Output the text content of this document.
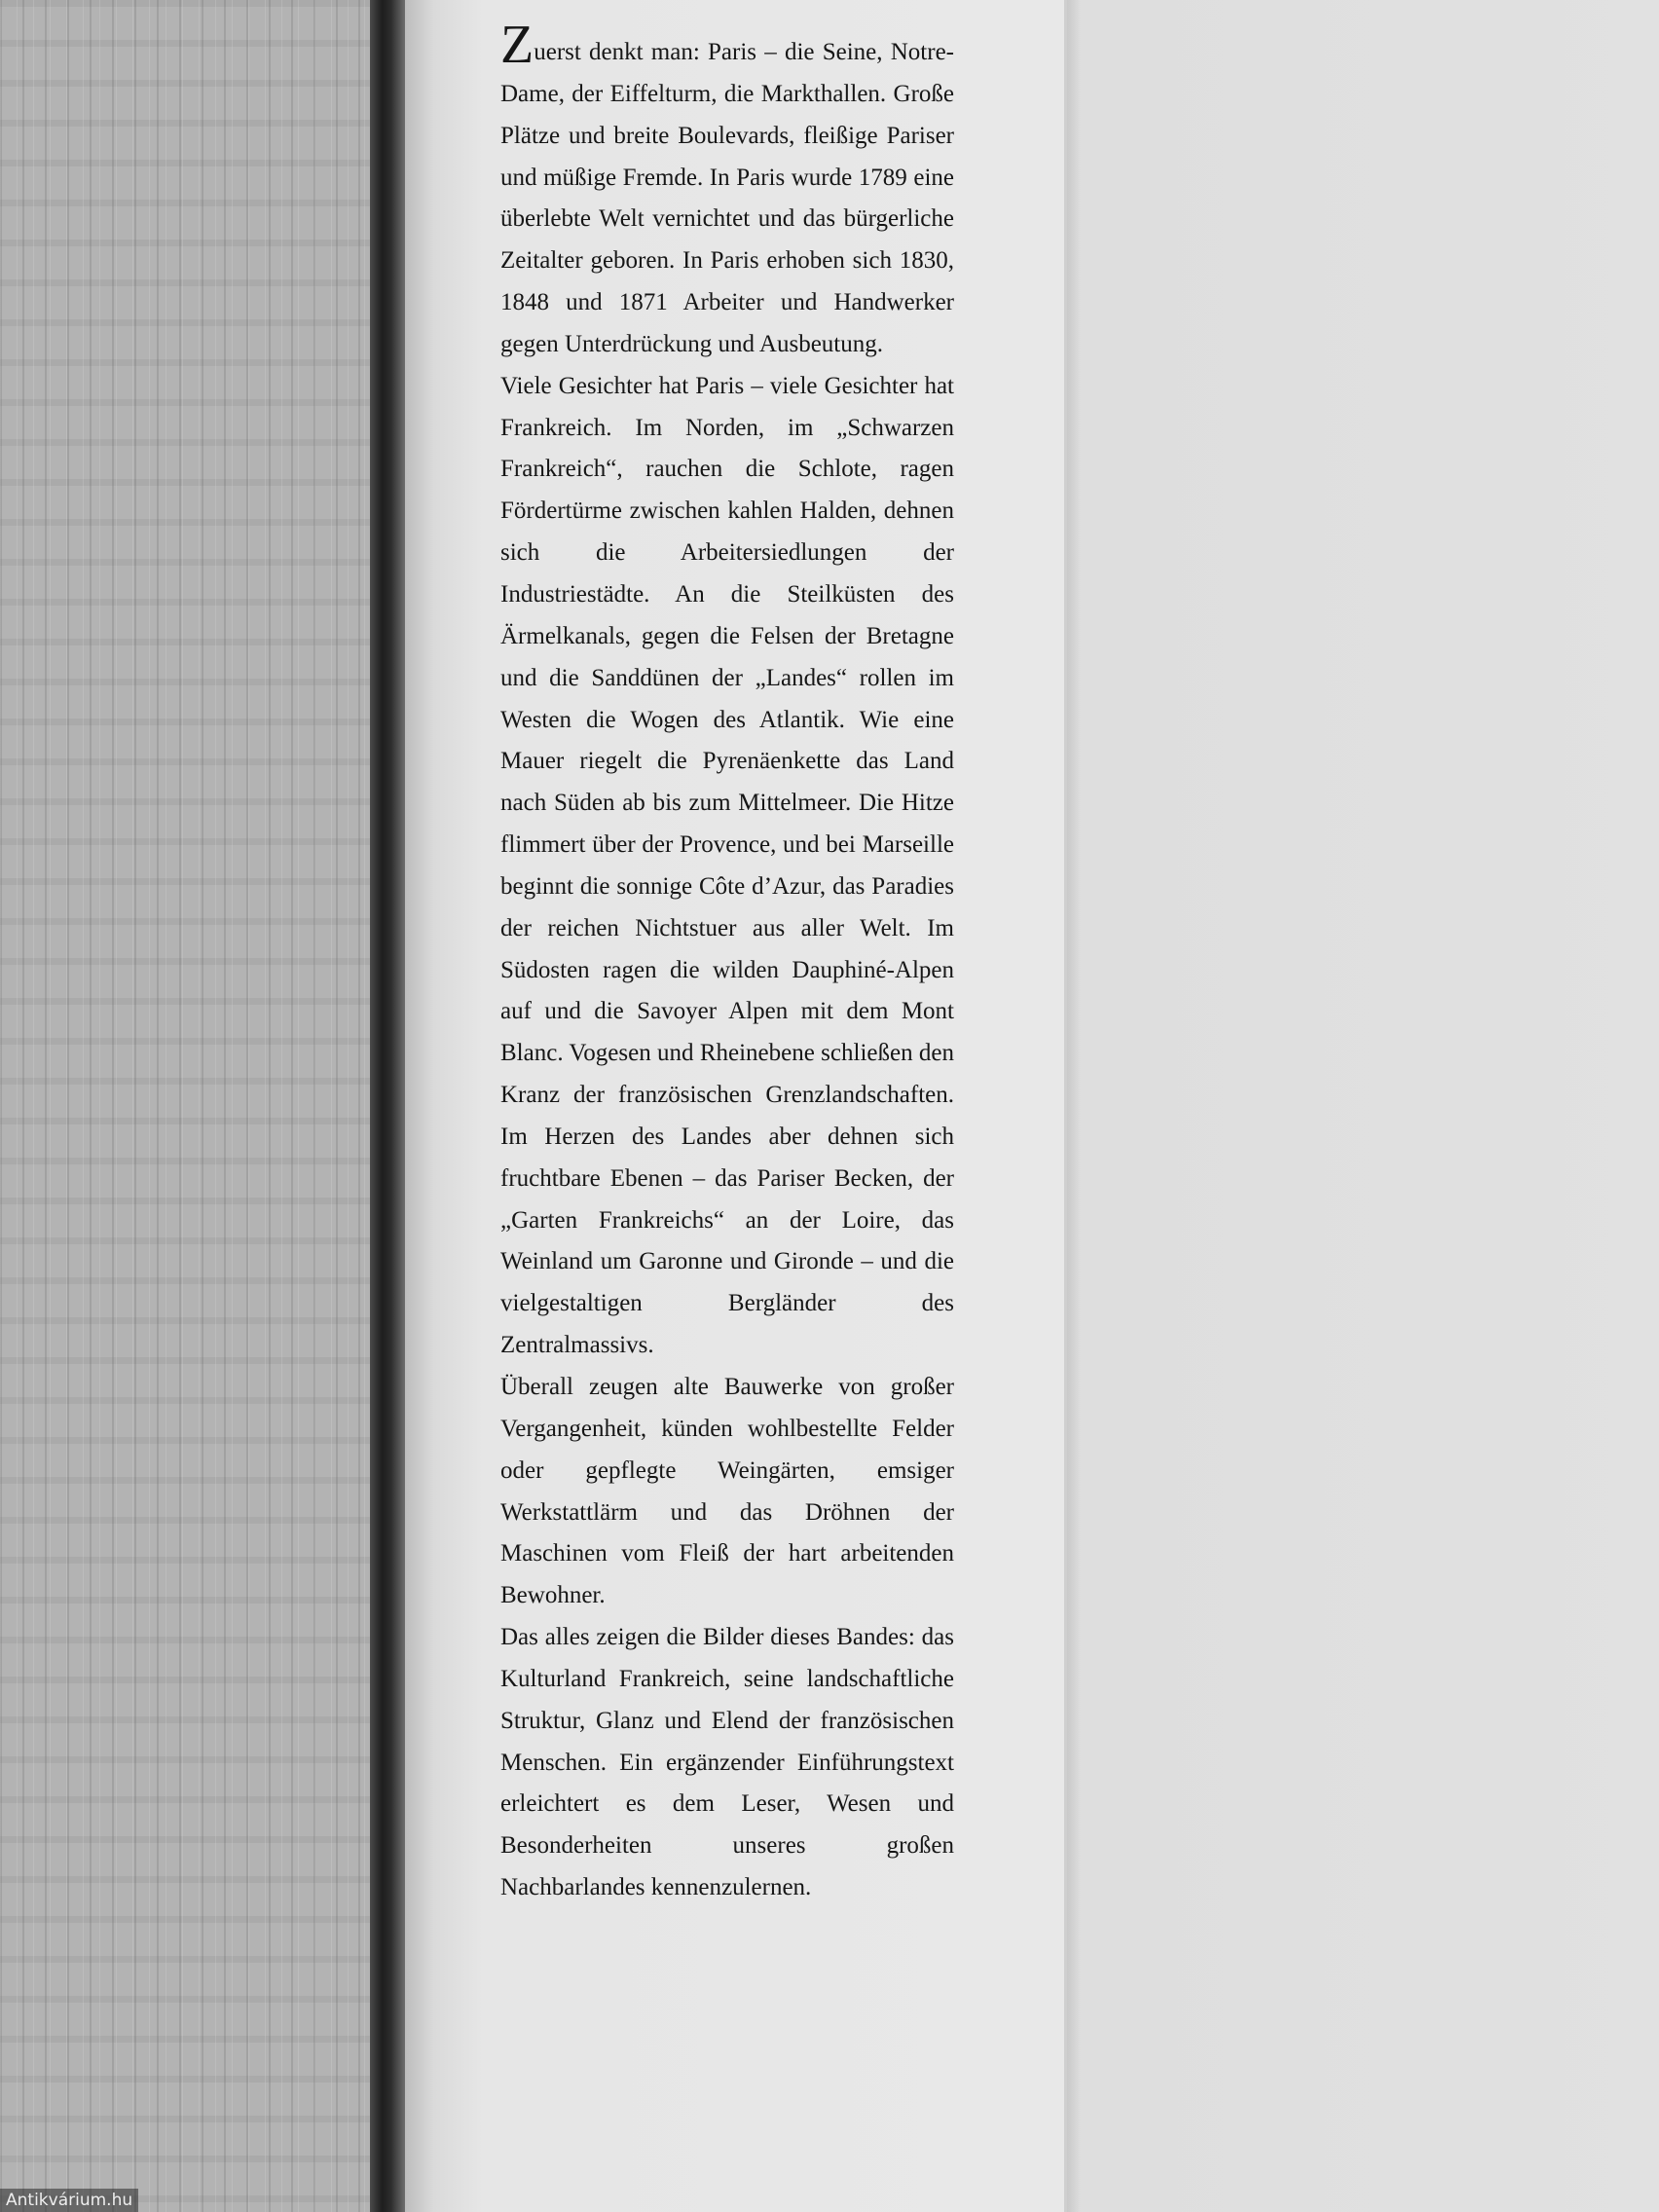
Zuerst denkt man: Paris – die Seine, Notre-Dame, der Eiffelturm, die Markthallen. Große Plätze und breite Boulevards, fleißige Pariser und müßige Fremde. In Paris wurde 1789 eine überlebte Welt vernichtet und das bürgerliche Zeitalter geboren. In Paris erhoben sich 1830, 1848 und 1871 Arbeiter und Handwerker gegen Unterdrückung und Ausbeutung.

Viele Gesichter hat Paris – viele Gesichter hat Frankreich. Im Norden, im „Schwarzen Frankreich“, rauchen die Schlote, ragen Fördertürme zwischen kahlen Halden, dehnen sich die Arbeitersiedlungen der Industriestädte. An die Steilküsten des Ärmelkanals, gegen die Felsen der Bretagne und die Sanddünen der „Landes“ rollen im Westen die Wogen des Atlantik. Wie eine Mauer riegelt die Pyrenäenkette das Land nach Süden ab bis zum Mittelmeer. Die Hitze flimmert über der Provence, und bei Marseille beginnt die sonnige Côte d’Azur, das Paradies der reichen Nichtstuer aus aller Welt. Im Südosten ragen die wilden Dauphiné-Alpen auf und die Savoyer Alpen mit dem Mont Blanc. Vogesen und Rheinebene schließen den Kranz der französischen Grenzlandschaften. Im Herzen des Landes aber dehnen sich fruchtbare Ebenen – das Pariser Becken, der „Garten Frankreichs“ an der Loire, das Weinland um Garonne und Gironde – und die vielgestaltigen Bergländer des Zentralmassivs.

Überall zeugen alte Bauwerke von großer Vergangenheit, künden wohlbestellte Felder oder gepflegte Weingärten, emsiger Werkstattlärm und das Dröhnen der Maschinen vom Fleiß der hart arbeitenden Bewohner.

Das alles zeigen die Bilder dieses Bandes: das Kulturland Frankreich, seine landschaftliche Struktur, Glanz und Elend der französischen Menschen. Ein ergänzender Einführungstext erleichtert es dem Leser, Wesen und Besonderheiten unseres großen Nachbarlandes kennenzulernen.

Antikvárium.hu
